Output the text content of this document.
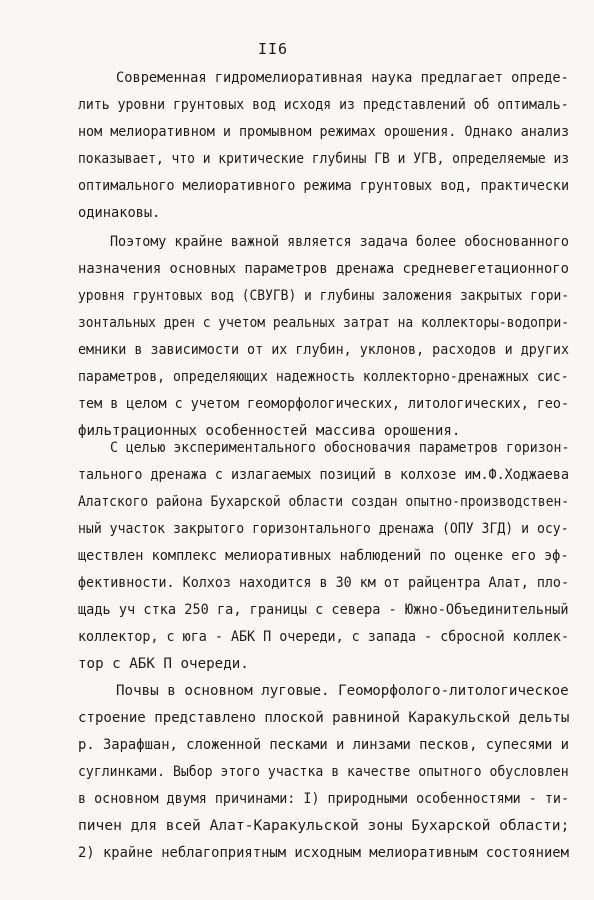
II6
Современная гидромелиоративная наука предлагает опреде-
лить уровни грунтовых вод исходя из представлений об оптималь-
ном мелиоративном и промывном режимах орошения. Однако анализ
показывает, что и критические глубины ГВ и УГВ, определяемые из
оптимального мелиоративного режима грунтовых вод, практически
одинаковы.
Поэтому крайне важной является задача более обоснованного
назначения основных параметров дренажа средневегетационного
уровня грунтовых вод (СВУГВ) и глубины заложения закрытых гори-
зонтальных дрен с учетом реальных затрат на коллекторы-водопри-
емники в зависимости от их глубин, уклонов, расходов и других
параметров, определяющих надежность коллекторно-дренажных сис-
тем в целом с учетом геоморфологических, литологических, гео-
фильтрационных особенностей массива орошения.
С целью экспериментального обосновачия параметров горизон-
тального дренажа с излагаемых позиций в колхозе им.Ф.Ходжаева
Алатского района Бухарской области создан опытно-производствен-
ный участок закрытого горизонтального дренажа (ОПУ ЗГД) и осу-
ществлен комплекс мелиоративных наблюдений по оценке его эф-
фективности. Колхоз находится в 30 км от райцентра Алат, пло-
щадь уч стка 250 га, границы с севера - Южно-Объединительный
коллектор, с юга - АБК П очереди, с запада - сбросной коллек-
тор с АБК П очереди.
Почвы в основном луговые. Геоморфолого-литологическое
строение представлено плоской равниной Каракульской дельты
р. Зарафшан, сложенной песками и линзами песков, супесями и
суглинками. Выбор этого участка в качестве опытного обусловлен
в основном двумя причинами: I) природными особенностями - ти-
пичен для всей Алат-Каракульской зоны Бухарской области;
2) крайне неблагоприятным исходным мелиоративным состоянием
